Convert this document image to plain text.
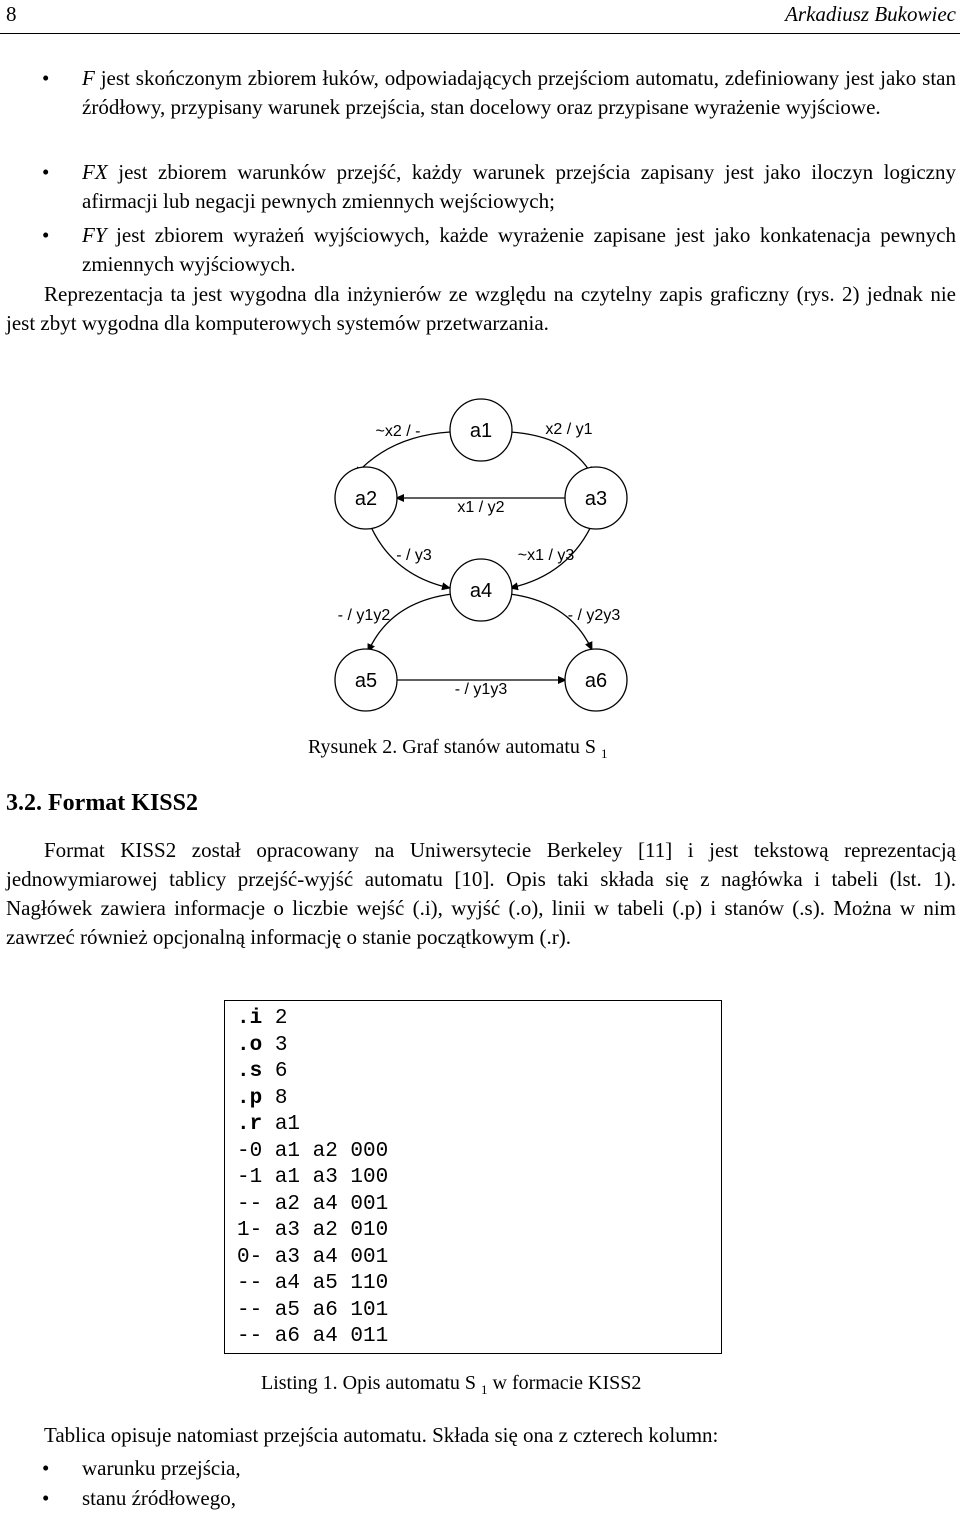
8	Arkadiusz Bukowiec
•	F jest skończonym zbiorem łuków, odpowiadających przejściom automatu, zdefiniowany jest jako stan źródłowy, przypisany warunek przejścia, stan docelowy oraz przypisane wyrażenie wyjściowe.
•	FX jest zbiorem warunków przejść, każdy warunek przejścia zapisany jest jako iloczyn logiczny afirmacji lub negacji pewnych zmiennych wejściowych;
•	FY jest zbiorem wyrażeń wyjściowych, każde wyrażenie zapisane jest jako konkatenacja pewnych zmiennych wyjściowych.
Reprezentacja ta jest wygodna dla inżynierów ze względu na czytelny zapis graficzny (rys. 2) jednak nie jest zbyt wygodna dla komputerowych systemów przetwarzania.
a1
a2	a3
a4
a5	a6
~x2 / -	x2 / y1
x1 / y2
- / y3	~x1 / y3
- / y1y2	- / y2y3
- / y1y3
Rysunek 2. Graf stanów automatu S $_1$
3.2. Format KISS2
Format KISS2 został opracowany na Uniwersytecie Berkeley [11] i jest tekstową reprezentacją jednowymiarowej tablicy przejść-wyjść automatu [10]. Opis taki składa się z nagłówka i tabeli (lst. 1). Nagłówek zawiera informacje o liczbie wejść (.i), wyjść (.o), linii w tabeli (.p) i stanów (.s). Można w nim zawrzeć również opcjonalną informację o stanie początkowym (.r).
.i 2
.o 3
.s 6
.p 8
.r a1
-0 a1 a2 000
-1 a1 a3 100
-- a2 a4 001
1- a3 a2 010
0- a3 a4 001
-- a4 a5 110
-- a5 a6 101
-- a6 a4 011
Listing 1. Opis automatu S $_1$ w formacie KISS2
Tablica opisuje natomiast przejścia automatu. Składa się ona z czterech kolumn:
•	warunku przejścia,
•	stanu źródłowego,
